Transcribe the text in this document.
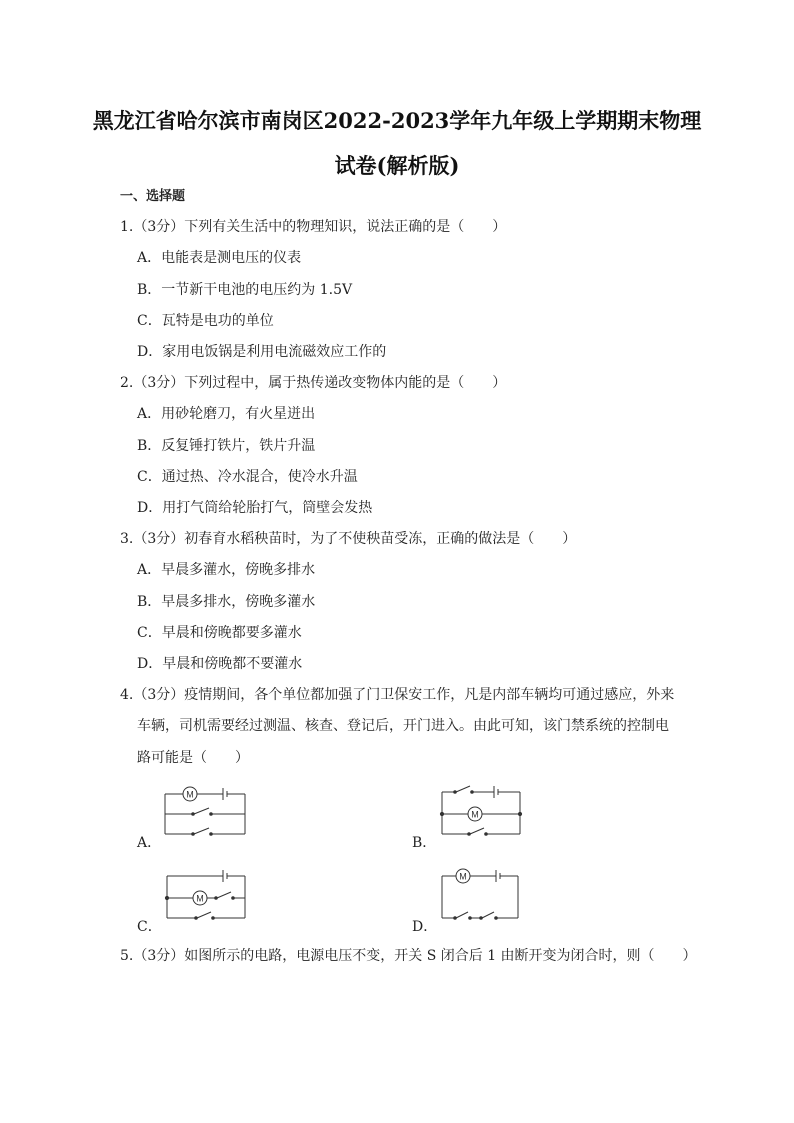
黑龙江省哈尔滨市南岗区2022-2023学年九年级上学期期末物理
试卷(解析版)
一、选择题
1.（3分）下列有关生活中的物理知识，说法正确的是（　　）
A．电能表是测电压的仪表
B．一节新干电池的电压约为 1.5V
C．瓦特是电功的单位
D．家用电饭锅是利用电流磁效应工作的
2.（3分）下列过程中，属于热传递改变物体内能的是（　　）
A．用砂轮磨刀，有火星迸出
B．反复锤打铁片，铁片升温
C．通过热、冷水混合，使冷水升温
D．用打气筒给轮胎打气，筒壁会发热
3.（3分）初春育水稻秧苗时，为了不使秧苗受冻，正确的做法是（　　）
A．早晨多灌水，傍晚多排水
B．早晨多排水，傍晚多灌水
C．早晨和傍晚都要多灌水
D．早晨和傍晚都不要灌水
4.（3分）疫情期间，各个单位都加强了门卫保安工作，凡是内部车辆均可通过感应，外来
车辆，司机需要经过测温、核查、登记后，开门进入。由此可知，该门禁系统的控制电
路可能是（　　）
A．
M
B．
M
C．
M
D．
M
5.（3分）如图所示的电路，电源电压不变，开关 S 闭合后 1 由断开变为闭合时，则（　　）
